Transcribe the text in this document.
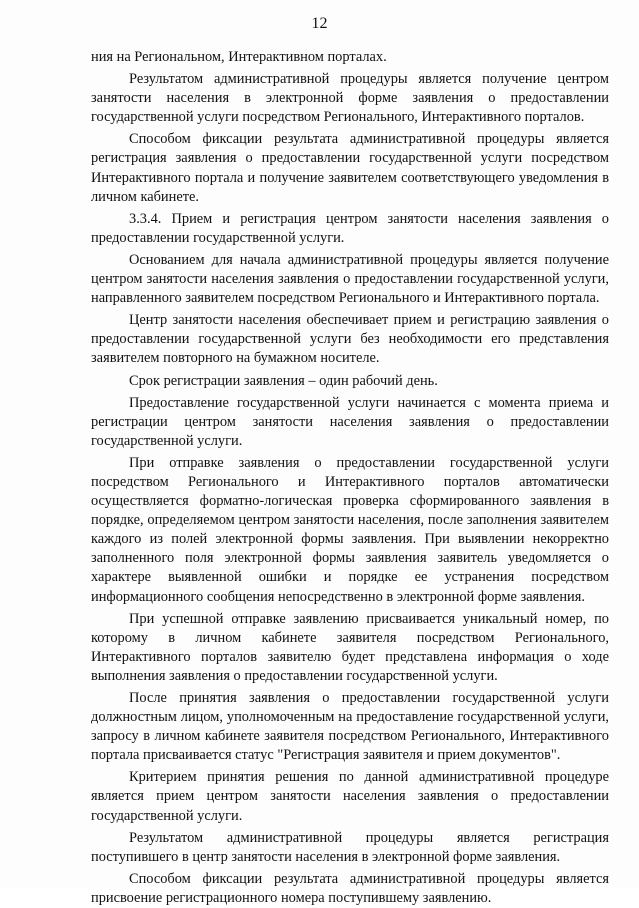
12

ния на Региональном, Интерактивном порталах.

Результатом административной процедуры является получение центром занятости населения в электронной форме заявления о предоставлении государственной услуги посредством Регионального, Интерактивного порталов.

Способом фиксации результата административной процедуры является регистрация заявления о предоставлении государственной услуги посредством Интерактивного портала и получение заявителем соответствующего уведомления в личном кабинете.

3.3.4. Прием и регистрация центром занятости населения заявления о предоставлении государственной услуги.

Основанием для начала административной процедуры является получение центром занятости населения заявления о предоставлении государственной услуги, направленного заявителем посредством Регионального и Интерактивного портала.

Центр занятости населения обеспечивает прием и регистрацию заявления о предоставлении государственной услуги без необходимости его представления заявителем повторного на бумажном носителе.

Срок регистрации заявления – один рабочий день.

Предоставление государственной услуги начинается с момента приема и регистрации центром занятости населения заявления о предоставлении государственной услуги.

При отправке заявления о предоставлении государственной услуги посредством Регионального и Интерактивного порталов автоматически осуществляется форматно-логическая проверка сформированного заявления в порядке, определяемом центром занятости населения, после заполнения заявителем каждого из полей электронной формы заявления. При выявлении некорректно заполненного поля электронной формы заявления заявитель уведомляется о характере выявленной ошибки и порядке ее устранения посредством информационного сообщения непосредственно в электронной форме заявления.

При успешной отправке заявлению присваивается уникальный номер, по которому в личном кабинете заявителя посредством Регионального, Интерактивного порталов заявителю будет представлена информация о ходе выполнения заявления о предоставлении государственной услуги.

После принятия заявления о предоставлении государственной услуги должностным лицом, уполномоченным на предоставление государственной услуги, запросу в личном кабинете заявителя посредством Регионального, Интерактивного портала присваивается статус "Регистрация заявителя и прием документов".

Критерием принятия решения по данной административной процедуре является прием центром занятости населения заявления о предоставлении государственной услуги.

Результатом административной процедуры является регистрация поступившего в центр занятости населения в электронной форме заявления.

Способом фиксации результата административной процедуры является присвоение регистрационного номера поступившему заявлению.
